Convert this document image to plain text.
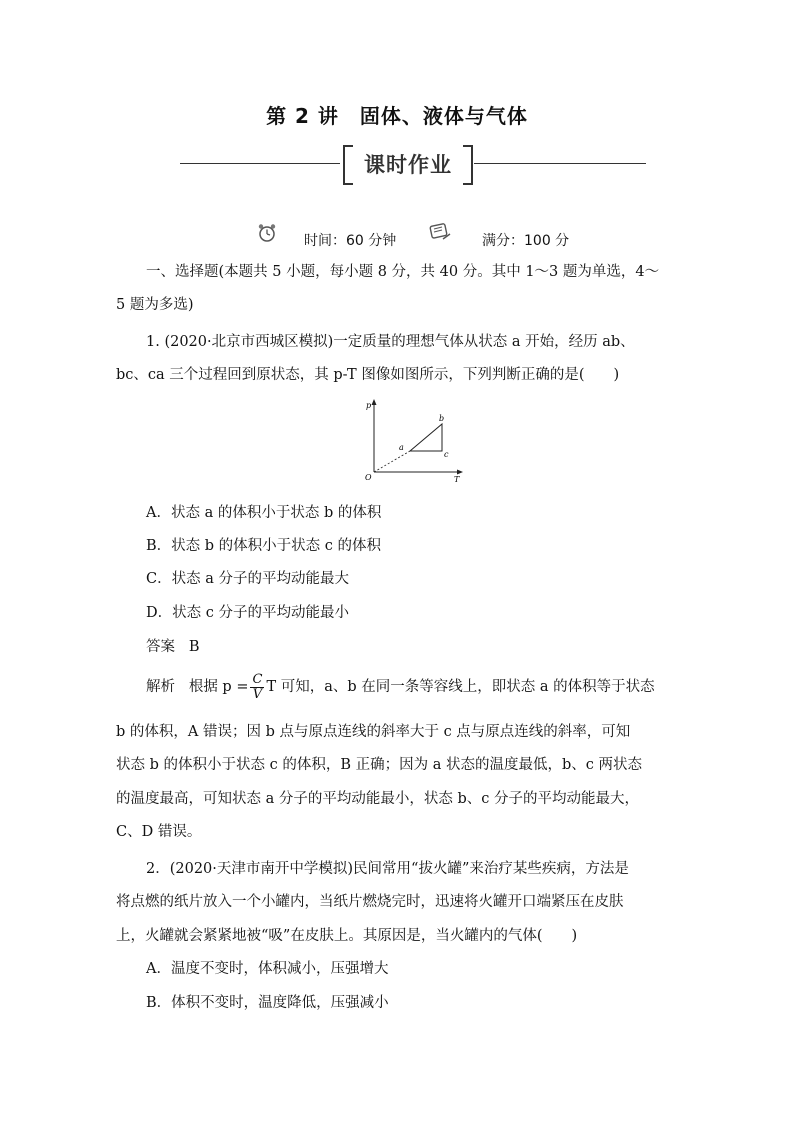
第 2 讲　固体、液体与气体
课时作业
时间：60 分钟	满分：100 分
一、选择题(本题共 5 小题，每小题 8 分，共 40 分。其中 1～3 题为单选，4～
5 题为多选)
1. (2020·北京市西城区模拟)一定质量的理想气体从状态 a 开始，经历 ab、
bc、ca 三个过程回到原状态，其 p-T 图像如图所示，下列判断正确的是(　　)
p
T
O
a
b
c
A．状态 a 的体积小于状态 b 的体积
B．状态 b 的体积小于状态 c 的体积
C．状态 a 分子的平均动能最大
D．状态 c 分子的平均动能最小
答案 B
解析 根据 $p = \frac{C}{V}$ T 可知，a、b 在同一条等容线上，即状态 a 的体积等于状态
b 的体积，A 错误；因 b 点与原点连线的斜率大于 c 点与原点连线的斜率，可知
状态 b 的体积小于状态 c 的体积，B 正确；因为 a 状态的温度最低，b、c 两状态
的温度最高，可知状态 a 分子的平均动能最小，状态 b、c 分子的平均动能最大，
C、D 错误。
2．(2020·天津市南开中学模拟)民间常用“拔火罐”来治疗某些疾病，方法是
将点燃的纸片放入一个小罐内，当纸片燃烧完时，迅速将火罐开口端紧压在皮肤
上，火罐就会紧紧地被“吸”在皮肤上。其原因是，当火罐内的气体(　　)
A．温度不变时，体积减小，压强增大
B．体积不变时，温度降低，压强减小
